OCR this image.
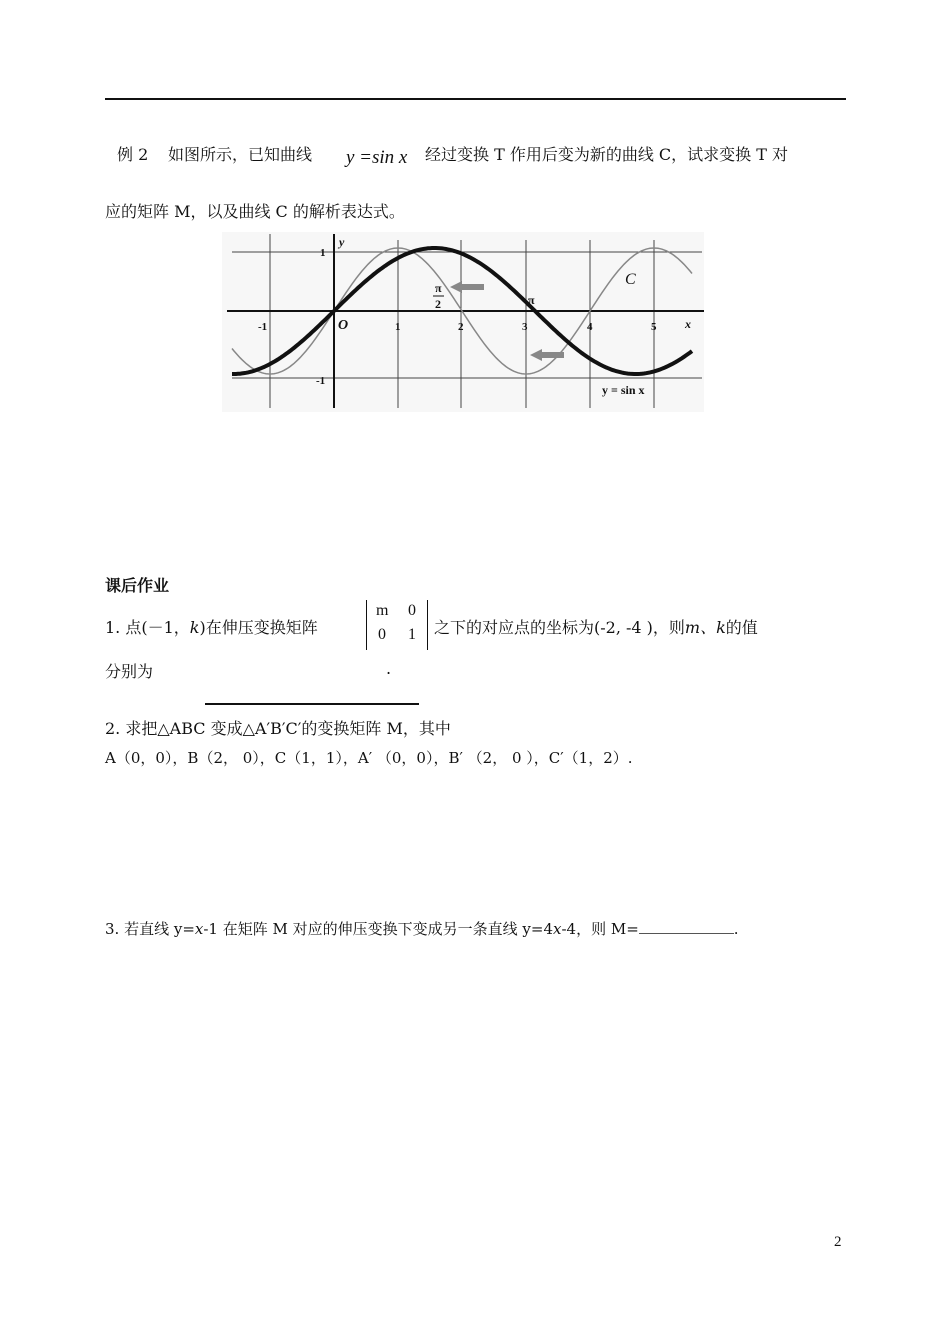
例 2 如图所示，已知曲线 y =sin x 经过变换 T 作用后变为新的曲线 C，试求变换 T 对
应的矩阵 M，以及曲线 C 的解析表达式。
y
x
O
1
-1
-1	1	2	3	4	5
π
2	π
C
y = sin x
课后作业
1. 点(－1，k)在伸压变换矩阵
m 0
0 1 之下的对应点的坐标为(-2, -4 )，则m、k的值
分别为	.
2. 求把△ABC 变成△A′B′C′的变换矩阵 M，其中
A（0，0），B（2， 0），C（1，1），A′ （0，0），B′ （2， 0 ），C′（1，2）.
3. 若直线 y=x-1 在矩阵 M 对应的伸压变换下变成另一条直线 y=4x-4，则 M=	.
2
